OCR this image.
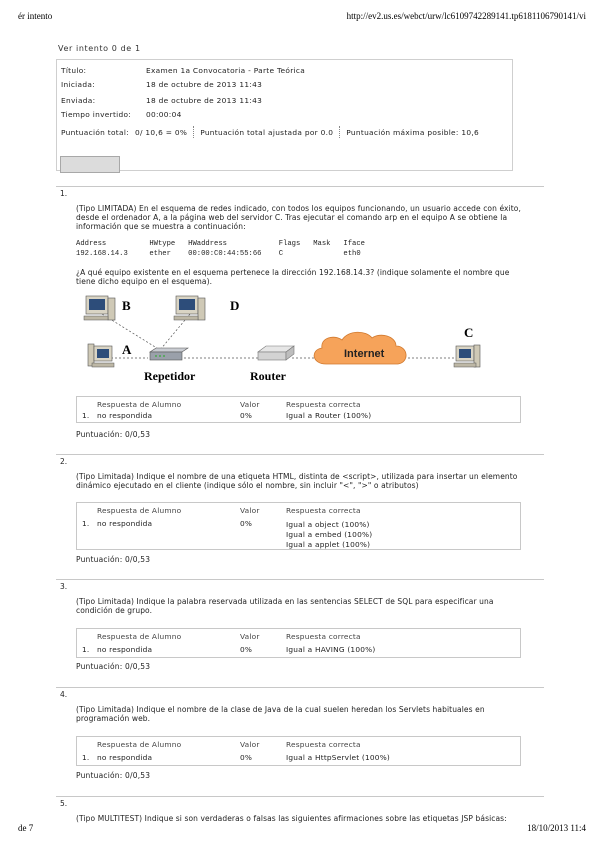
ér intento	http://ev2.us.es/webct/urw/lc6109742289141.tp6181106790141/vi
de 7	18/10/2013 11:4
Ver intento 0 de 1
Título:	Examen 1a Convocatoria - Parte Teórica
Iniciada:	18 de octubre de 2013 11:43
Enviada:	18 de octubre de 2013 11:43
Tiempo invertido:	00:00:04
Puntuación total: 0/ 10,6 = 0%	Puntuación total ajustada por 0.0	Puntuación máxima posible: 10,6
1.
(Tipo LIMITADA) En el esquema de redes indicado, con todos los equipos funcionando, un usuario accede con éxito, desde el ordenador A, a la página web del servidor C. Tras ejecutar el comando arp en el equipo A se obtiene la información que se muestra a continuación:
Address          HWtype   HWaddress            Flags   Mask   Iface
192.168.14.3     ether    00:00:C0:44:55:66    C              eth0
¿A qué equipo existente en el esquema pertenece la dirección 192.168.14.3? (indique solamente el nombre que tiene dicho equipo en el esquema).
B	D
A
Repetidor	Router
Internet
C
Respuesta de Alumno	Valor	Respuesta correcta
1. no respondida	0%	Igual a Router (100%)
Puntuación: 0/0,53
2.
(Tipo Limitada) Indique el nombre de una etiqueta HTML, distinta de <script>, utilizada para insertar un elemento dinámico ejecutado en el cliente (indique sólo el nombre, sin incluir "<", ">" o atributos)
Respuesta de Alumno	Valor	Respuesta correcta
1. no respondida	0%	Igual a object (100%)
Igual a embed (100%)
Igual a applet (100%)
Puntuación: 0/0,53
3.
(Tipo Limitada) Indique la palabra reservada utilizada en las sentencias SELECT de SQL para especificar una condición de grupo.
Respuesta de Alumno	Valor	Respuesta correcta
1. no respondida	0%	Igual a HAVING (100%)
Puntuación: 0/0,53
4.
(Tipo Limitada) Indique el nombre de la clase de Java de la cual suelen heredan los Servlets habituales en programación web.
Respuesta de Alumno	Valor	Respuesta correcta
1. no respondida	0%	Igual a HttpServlet (100%)
Puntuación: 0/0,53
5.
(Tipo MULTITEST) Indique si son verdaderas o falsas las siguientes afirmaciones sobre las etiquetas JSP básicas:
